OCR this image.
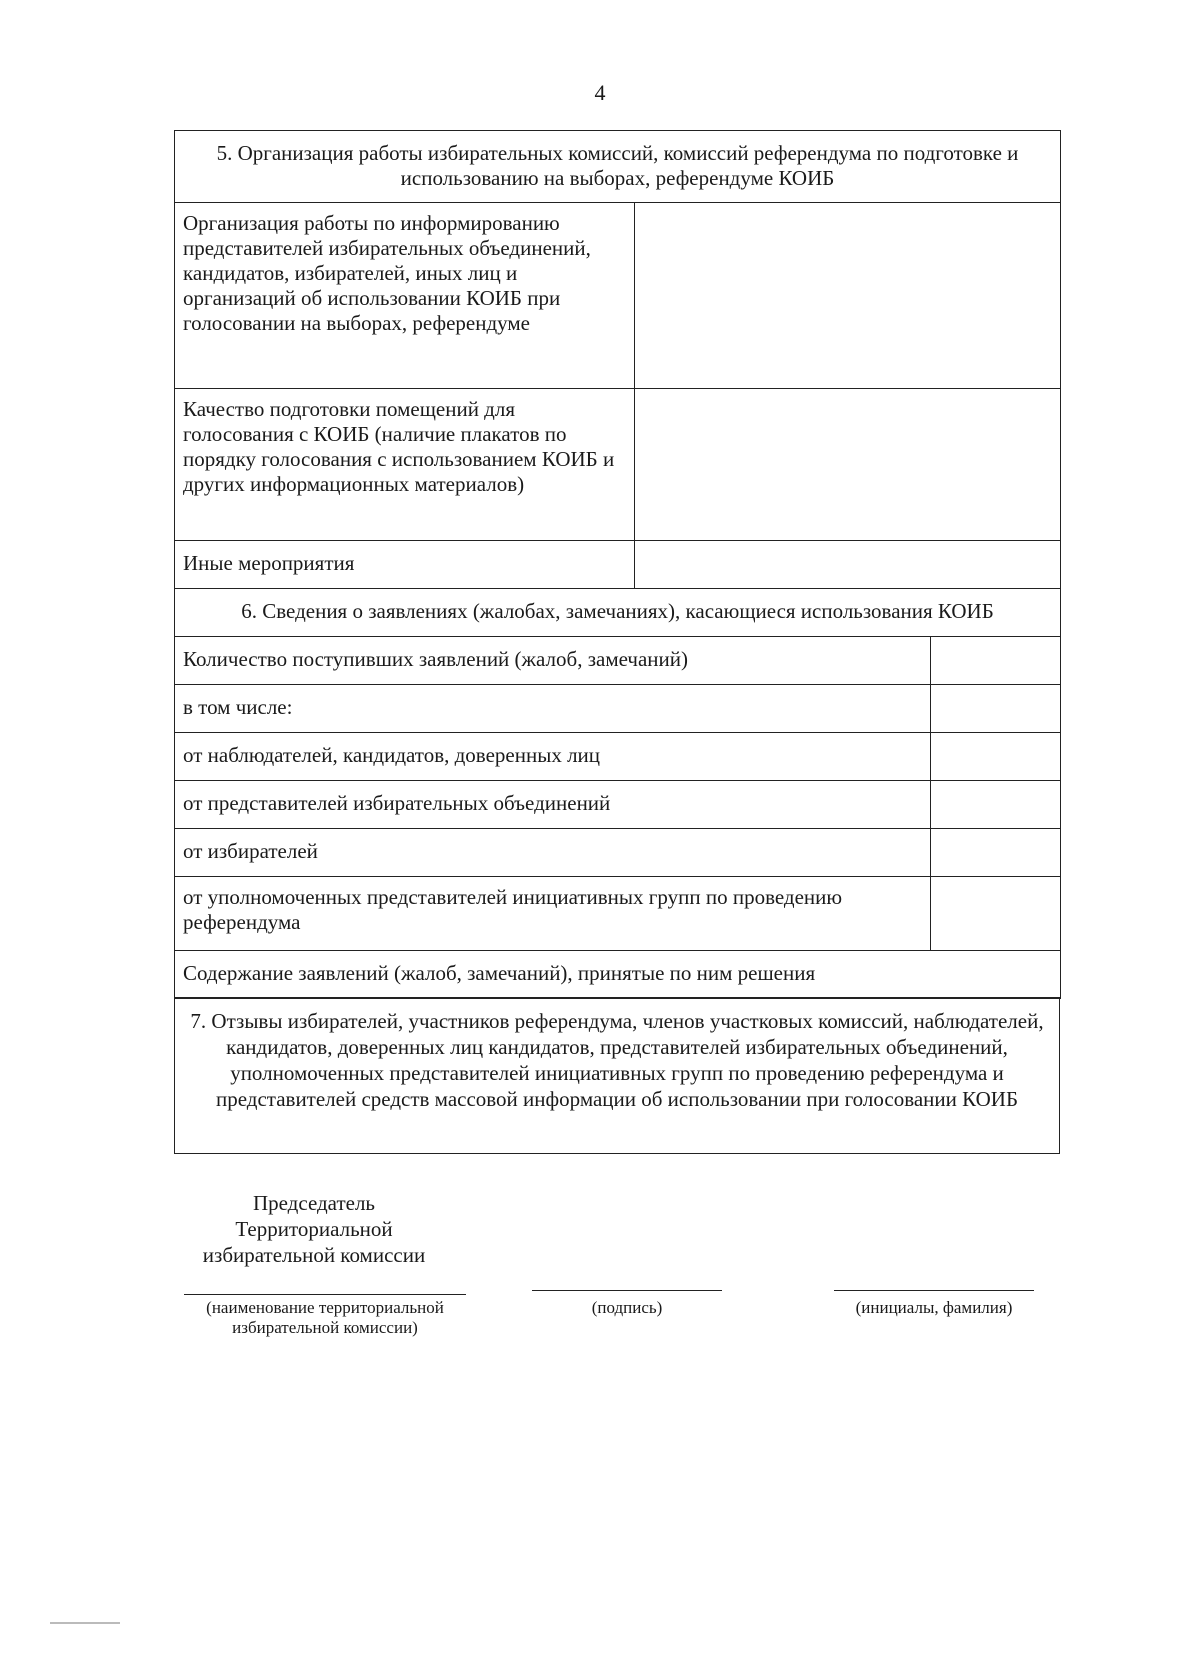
4
5. Организация работы избирательных комиссий, комиссий референдума по подготовке и использованию на выборах, референдуме КОИБ	
Организация работы по информированию представителей избирательных объединений, кандидатов, избирателей, иных лиц и организаций об использовании КОИБ при голосовании на выборах, референдуме	
Качество подготовки помещений для голосования с КОИБ (наличие плакатов по порядку голосования с использованием КОИБ и других информационных материалов)	
Иные мероприятия	
6. Сведения о заявлениях (жалобах, замечаниях), касающиеся использования КОИБ	
Количество поступивших заявлений (жалоб, замечаний)	
в том числе:	
от наблюдателей, кандидатов, доверенных лиц	
от представителей избирательных объединений	
от избирателей	
от уполномоченных представителей инициативных групп по проведению референдума	
Содержание заявлений (жалоб, замечаний), принятые по ним решения	
7. Отзывы избирателей, участников референдума, членов участковых комиссий, наблюдателей, кандидатов, доверенных лиц кандидатов, представителей избирательных объединений, уполномоченных представителей инициативных групп по проведению референдума и представителей средств массовой информации об использовании при голосовании КОИБ
Председатель
Территориальной
избирательной комиссии
(наименование территориальной избирательной комиссии)
(подпись)	(инициалы, фамилия)
